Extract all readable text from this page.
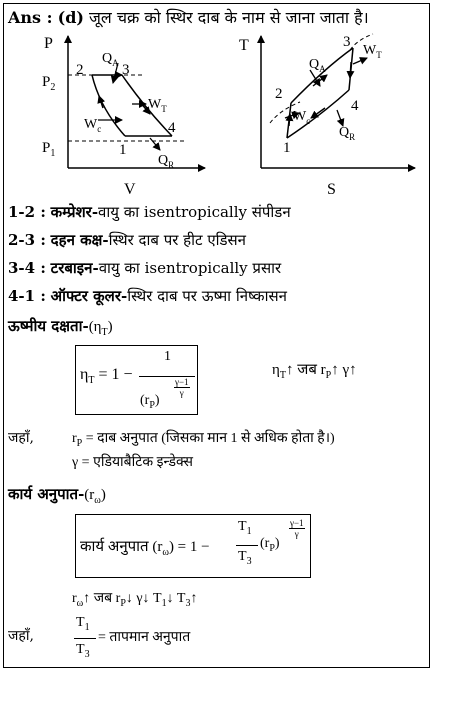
Ans : (d) जूल चक्र को स्थिर दाब के नाम से जाना जाता है।
P
V
$P_2$
$P_1$
2	3
4
1
$Q_A$
$W_T$
$W_c$
$Q_R$
T
S
2
3
4
1
$Q_A$
$W_T$
$W_c$
$Q_R$
1-2 : कम्प्रेशर-वायु का isentropically संपीडन
2-3 : दहन कक्ष-स्थिर दाब पर हीट एडिसन
3-4 : टरबाइन-वायु का isentropically प्रसार
4-1 : ऑफ्टर कूलर-स्थिर दाब पर ऊष्मा निष्कासन
ऊष्मीय $दक्षता-(\eta_T)$
$\eta_T = 1$ −
1
$(r_P)$
γ−1
γ
$\eta_T↑$ जब $r_P↑$ γ↑
जहाँ,	$r_P$ = दाब अनुपात (जिसका मान 1 से अधिक होता है।)
γ = एडियाबैटिक इन्डेक्स
कार्य $अनुपात-(r_\omega)$
कार्य अनुपात $(r_\omega) = 1$ −
$T_1$
$T_3$
$(r_P)$
γ−1
γ
$r_\omega↑$ जब $r_P↓$ γ↓ $T_1↓$ $T_3↑$
जहाँ,
$T_1$
$T_3$
= तापमान अनुपात
